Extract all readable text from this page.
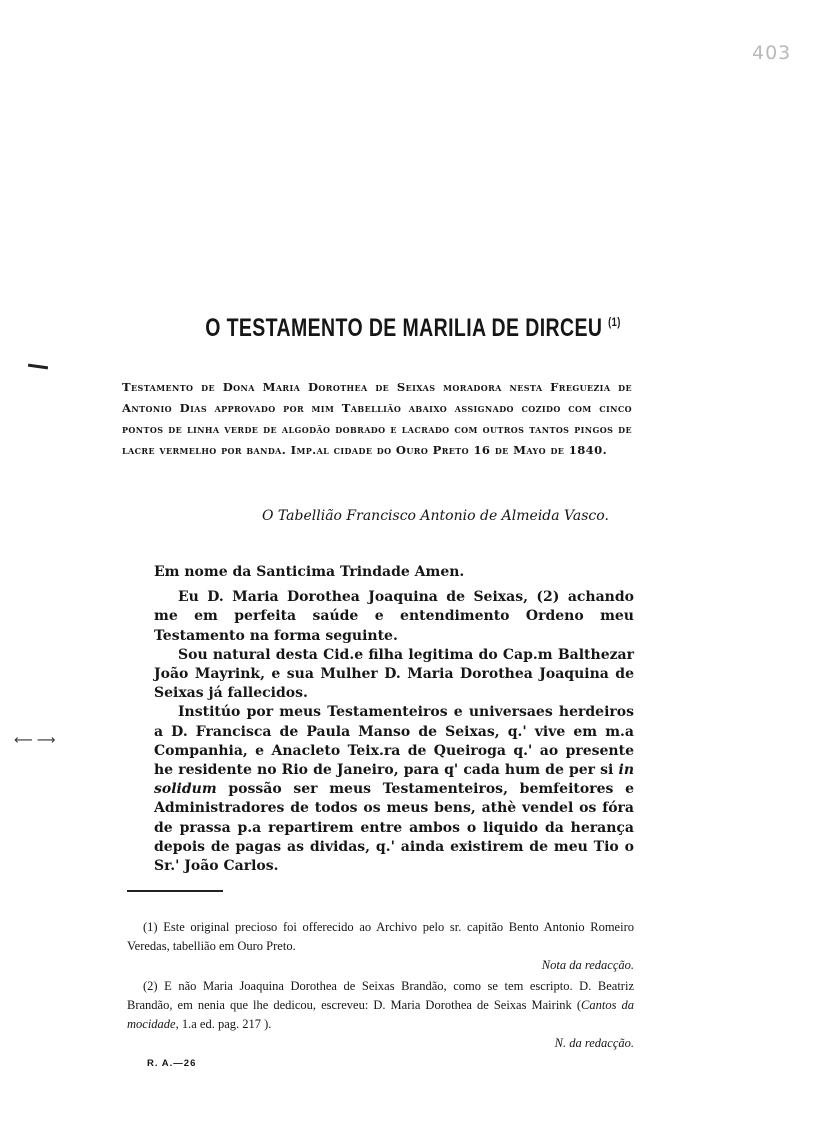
403
⟵ ⟶
O TESTAMENTO DE MARILIA DE DIRCEU $^{(1)}$
Testamento de Dona Maria Dorothea de Seixas moradora nesta Freguezia de Antonio Dias approvado por mim Tabellião abaixo assignado cozido com cinco pontos de linha verde de algodão dobrado e lacrado com outros tantos pingos de lacre vermelho por banda. Imp.al cidade do Ouro Preto 16 de Mayo de 1840.
O Tabellião Francisco Antonio de Almeida Vasco.

Em nome da Santicima Trindade Amen.

Eu D. Maria Dorothea Joaquina de Seixas, (2) achando me em perfeita saúde e entendimento Ordeno meu Testamento na forma seguinte.

Sou natural desta Cid.e filha legitima do Cap.m Balthezar João Mayrink, e sua Mulher D. Maria Dorothea Joaquina de Seixas já fallecidos.

Institúo por meus Testamenteiros e universaes herdeiros a D. Francisca de Paula Manso de Seixas, q.' vive em m.a Companhia, e Anacleto Teix.ra de Queiroga q.' ao presente he residente no Rio de Janeiro, para q' cada hum de per si in solidum possão ser meus Testamenteiros, bemfeitores e Administradores de todos os meus bens, athè vendel os fóra de prassa p.a repartirem entre ambos o liquido da herança depois de pagas as dividas, q.' ainda existirem de meu Tio o Sr.' João Carlos.

(1) Este original precioso foi offerecido ao Archivo pelo sr. capitão Bento Antonio Romeiro Veredas, tabellião em Ouro Preto.

Nota da redacção.

(2) E não Maria Joaquina Dorothea de Seixas Brandão, como se tem escripto. D. Beatriz Brandão, em nenia que lhe dedicou, escreveu: D. Maria Dorothea de Seixas Mairink (Cantos da mocidade, 1.a ed. pag. 217 ).

N. da redacção.

R. A.—26
